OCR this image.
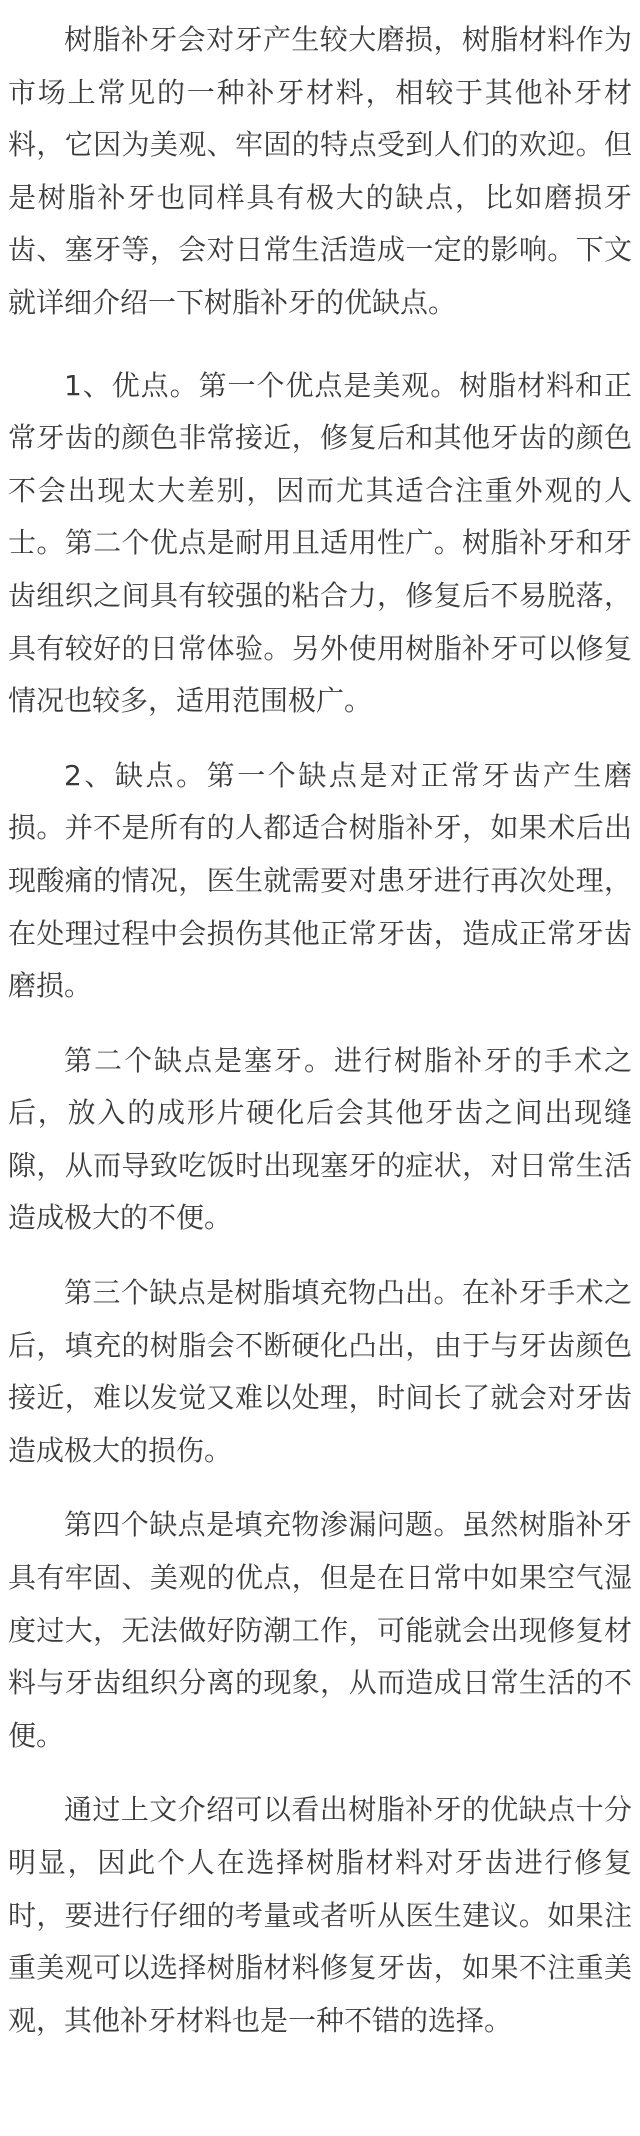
树脂补牙会对牙产生较大磨损，树脂材料作为市场上常见的一种补牙材料，相较于其他补牙材料，它因为美观、牢固的特点受到人们的欢迎。但是树脂补牙也同样具有极大的缺点，比如磨损牙齿、塞牙等，会对日常生活造成一定的影响。下文就详细介绍一下树脂补牙的优缺点。

1、优点。第一个优点是美观。树脂材料和正常牙齿的颜色非常接近，修复后和其他牙齿的颜色不会出现太大差别，因而尤其适合注重外观的人士。第二个优点是耐用且适用性广。树脂补牙和牙齿组织之间具有较强的粘合力，修复后不易脱落，具有较好的日常体验。另外使用树脂补牙可以修复情况也较多，适用范围极广。

2、缺点。第一个缺点是对正常牙齿产生磨损。并不是所有的人都适合树脂补牙，如果术后出现酸痛的情况，医生就需要对患牙进行再次处理，在处理过程中会损伤其他正常牙齿，造成正常牙齿磨损。

第二个缺点是塞牙。进行树脂补牙的手术之后，放入的成形片硬化后会其他牙齿之间出现缝隙，从而导致吃饭时出现塞牙的症状，对日常生活造成极大的不便。

第三个缺点是树脂填充物凸出。在补牙手术之后，填充的树脂会不断硬化凸出，由于与牙齿颜色接近，难以发觉又难以处理，时间长了就会对牙齿造成极大的损伤。

第四个缺点是填充物渗漏问题。虽然树脂补牙具有牢固、美观的优点，但是在日常中如果空气湿度过大，无法做好防潮工作，可能就会出现修复材料与牙齿组织分离的现象，从而造成日常生活的不便。

通过上文介绍可以看出树脂补牙的优缺点十分明显，因此个人在选择树脂材料对牙齿进行修复时，要进行仔细的考量或者听从医生建议。如果注重美观可以选择树脂材料修复牙齿，如果不注重美观，其他补牙材料也是一种不错的选择。
